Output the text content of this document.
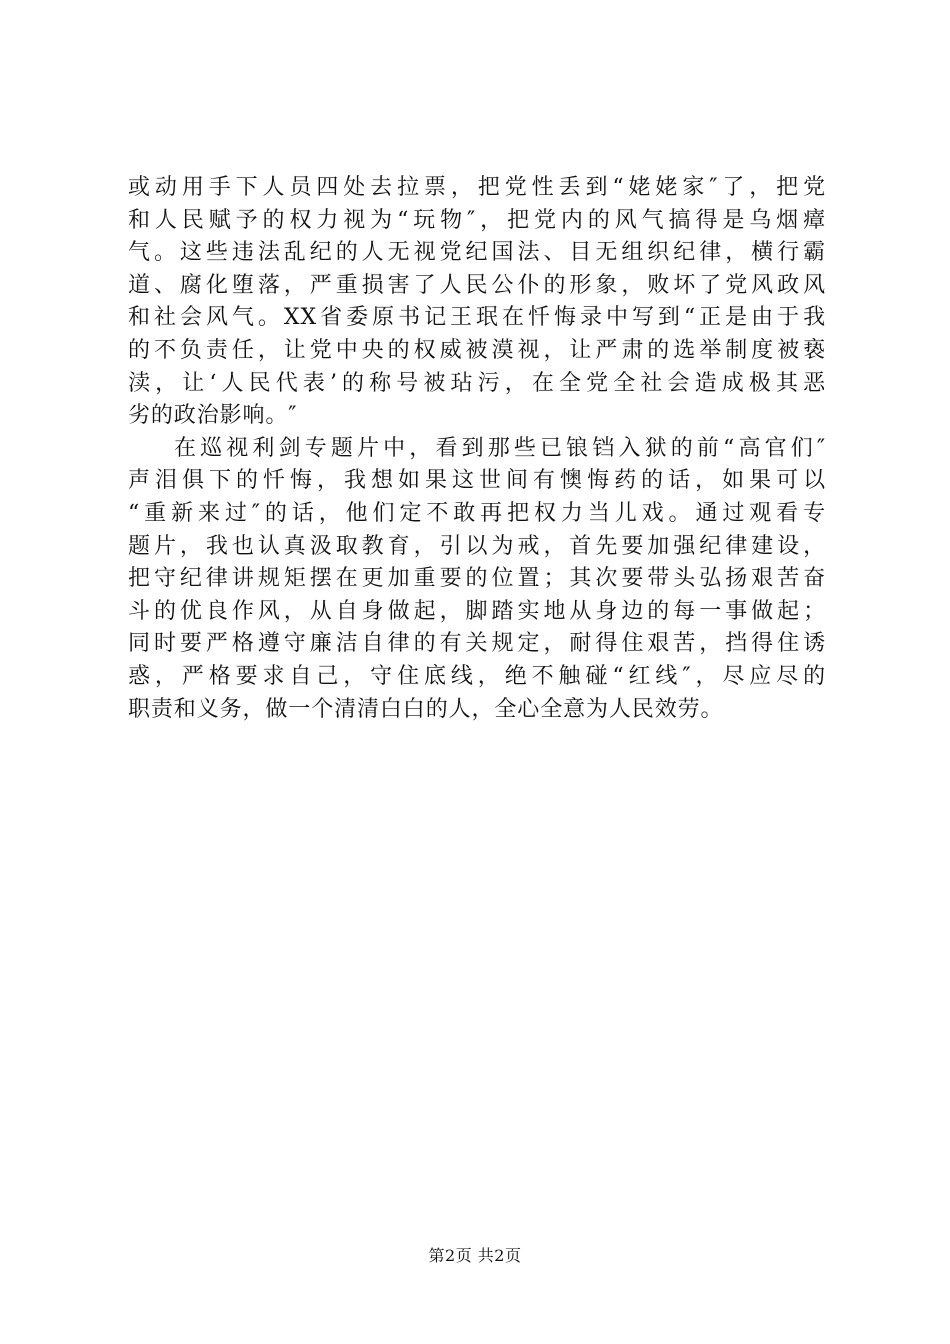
或动用手下人员四处去拉票，把党性丢到“姥姥家″了，把党
和人民赋予的权力视为“玩物″，把党内的风气搞得是乌烟瘴
气。这些违法乱纪的人无视党纪国法、目无组织纪律，横行霸
道、腐化堕落，严重损害了人民公仆的形象，败坏了党风政风
和社会风气。XX省委原书记王珉在忏悔录中写到“正是由于我
的不负责任，让党中央的权威被漠视，让严肃的选举制度被亵
渎，让‘人民代表’的称号被玷污，在全党全社会造成极其恶
劣的政治影响。″
在巡视利剑专题片中，看到那些已锒铛入狱的前“高官们″
声泪俱下的忏悔，我想如果这世间有懊悔药的话，如果可以
“重新来过″的话，他们定不敢再把权力当儿戏。通过观看专
题片，我也认真汲取教育，引以为戒，首先要加强纪律建设，
把守纪律讲规矩摆在更加重要的位置；其次要带头弘扬艰苦奋
斗的优良作风，从自身做起，脚踏实地从身边的每一事做起；
同时要严格遵守廉洁自律的有关规定，耐得住艰苦，挡得住诱
惑，严格要求自己，守住底线，绝不触碰“红线″，尽应尽的
职责和义务，做一个清清白白的人，全心全意为人民效劳。
第2页 共2页
